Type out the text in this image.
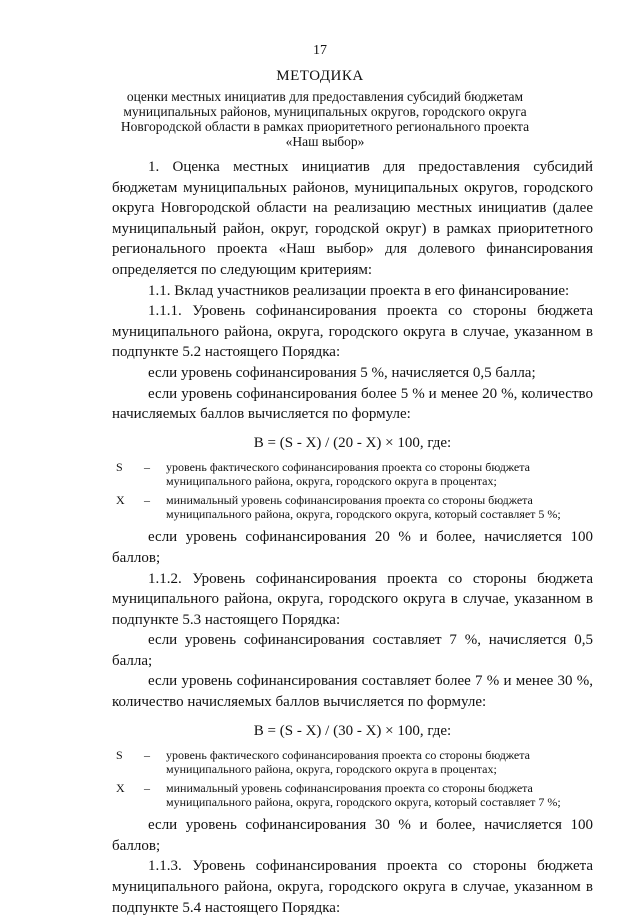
17
МЕТОДИКА
оценки местных инициатив для предоставления субсидий бюджетам муниципальных районов, муниципальных округов, городского округа Новгородской области в рамках приоритетного регионального проекта «Наш выбор»

1. Оценка местных инициатив для предоставления субсидий бюджетам муниципальных районов, муниципальных округов, городского округа Новгородской области на реализацию местных инициатив (далее муниципальный район, округ, городской округ) в рамках приоритетного регионального проекта «Наш выбор» для долевого финансирования определяется по следующим критериям:

1.1. Вклад участников реализации проекта в его финансирование:

1.1.1. Уровень софинансирования проекта со стороны бюджета муниципального района, округа, городского округа в случае, указанном в подпункте 5.2 настоящего Порядка:

если уровень софинансирования 5 %, начисляется 0,5 балла;

если уровень софинансирования более 5 % и менее 20 %, количество начисляемых баллов вычисляется по формуле:

B = (S - X) / (20 - X) × 100, где:

S	–	уровень фактического софинансирования проекта со стороны бюджета муниципального района, округа, городского округа в процентах;
X	–	минимальный уровень софинансирования проекта со стороны бюджета муниципального района, округа, городского округа, который составляет 5 %;

если уровень софинансирования 20 % и более, начисляется 100 баллов;

1.1.2. Уровень софинансирования проекта со стороны бюджета муниципального района, округа, городского округа в случае, указанном в подпункте 5.3 настоящего Порядка:

если уровень софинансирования составляет 7 %, начисляется 0,5 балла;

если уровень софинансирования составляет более 7 % и менее 30 %, количество начисляемых баллов вычисляется по формуле:

B = (S - X) / (30 - X) × 100, где:

S	–	уровень фактического софинансирования проекта со стороны бюджета муниципального района, округа, городского округа в процентах;
X	–	минимальный уровень софинансирования проекта со стороны бюджета муниципального района, округа, городского округа, который составляет 7 %;

если уровень софинансирования 30 % и более, начисляется 100 баллов;

1.1.3. Уровень софинансирования проекта со стороны бюджета муниципального района, округа, городского округа в случае, указанном в подпункте 5.4 настоящего Порядка:
